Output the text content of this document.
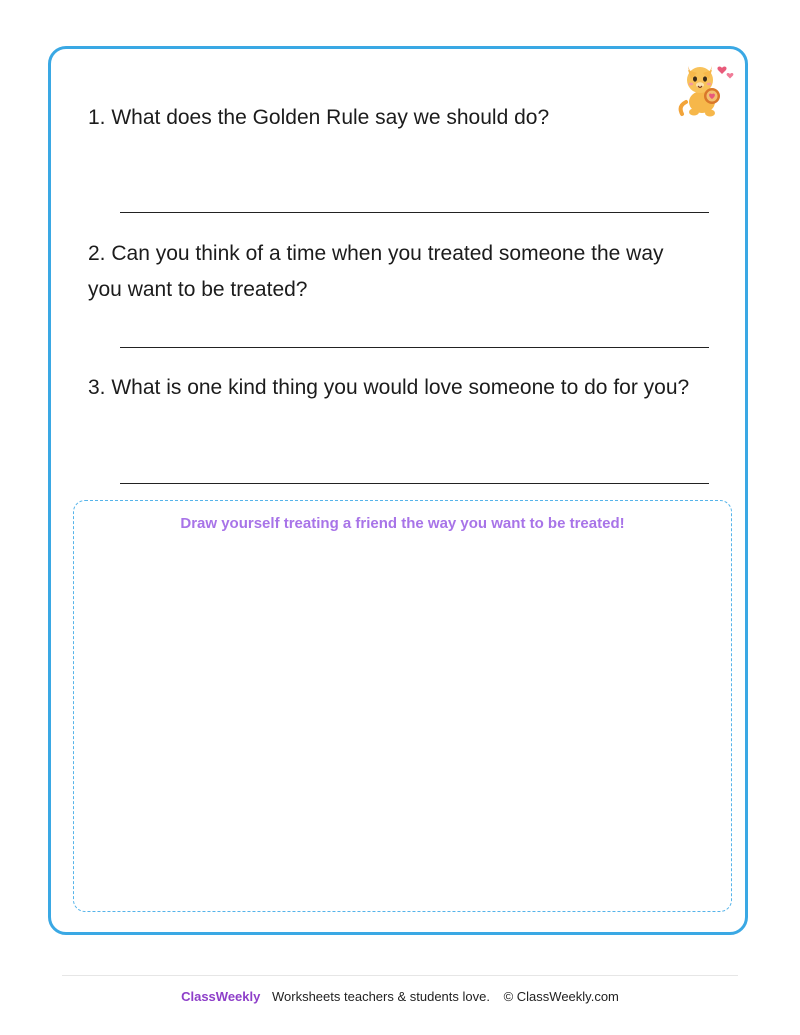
1. What does the Golden Rule say we should do?
2. Can you think of a time when you treated someone the way you want to be treated?
3. What is one kind thing you would love someone to do for you?
Draw yourself treating a friend the way you want to be treated!
ClassWeekly Worksheets teachers & students love. © ClassWeekly.com
